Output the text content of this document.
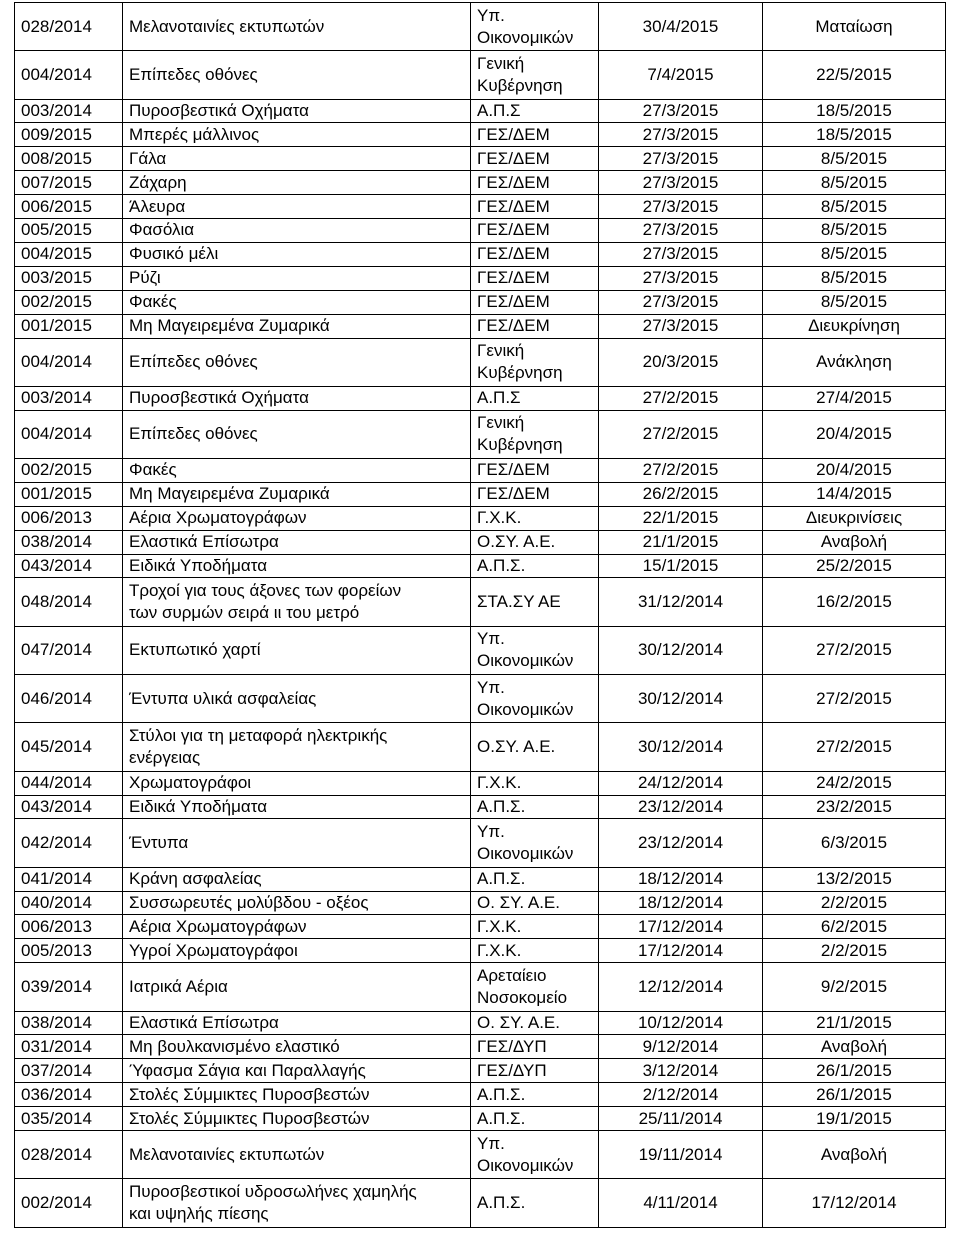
028/2014	Μελανοταινίες εκτυπωτών	Υπ.
Οικονομικών	30/4/2015	Ματαίωση
004/2014	Επίπεδες οθόνες	Γενική
Κυβέρνηση	7/4/2015	22/5/2015
003/2014	Πυροσβεστικά Οχήματα	Α.Π.Σ	27/3/2015	18/5/2015
009/2015	Μπερές μάλλινος	ΓΕΣ/ΔΕΜ	27/3/2015	18/5/2015
008/2015	Γάλα	ΓΕΣ/ΔΕΜ	27/3/2015	8/5/2015
007/2015	Ζάχαρη	ΓΕΣ/ΔΕΜ	27/3/2015	8/5/2015
006/2015	Άλευρα	ΓΕΣ/ΔΕΜ	27/3/2015	8/5/2015
005/2015	Φασόλια	ΓΕΣ/ΔΕΜ	27/3/2015	8/5/2015
004/2015	Φυσικό μέλι	ΓΕΣ/ΔΕΜ	27/3/2015	8/5/2015
003/2015	Ρύζι	ΓΕΣ/ΔΕΜ	27/3/2015	8/5/2015
002/2015	Φακές	ΓΕΣ/ΔΕΜ	27/3/2015	8/5/2015
001/2015	Μη Μαγειρεμένα Ζυμαρικά	ΓΕΣ/ΔΕΜ	27/3/2015	Διευκρίνηση
004/2014	Επίπεδες οθόνες	Γενική
Κυβέρνηση	20/3/2015	Ανάκληση
003/2014	Πυροσβεστικά Οχήματα	Α.Π.Σ	27/2/2015	27/4/2015
004/2014	Επίπεδες οθόνες	Γενική
Κυβέρνηση	27/2/2015	20/4/2015
002/2015	Φακές	ΓΕΣ/ΔΕΜ	27/2/2015	20/4/2015
001/2015	Μη Μαγειρεμένα Ζυμαρικά	ΓΕΣ/ΔΕΜ	26/2/2015	14/4/2015
006/2013	Αέρια Χρωματογράφων	Γ.Χ.Κ.	22/1/2015	Διευκρινίσεις
038/2014	Ελαστικά Επίσωτρα	Ο.ΣΥ. Α.Ε.	21/1/2015	Αναβολή
043/2014	Ειδικά Υποδήματα	Α.Π.Σ.	15/1/2015	25/2/2015
048/2014	Τροχοί για τους άξονες των φορείων
των συρμών σειρά ιι του μετρό	ΣΤΑ.ΣΥ ΑΕ	31/12/2014	16/2/2015
047/2014	Εκτυπωτικό χαρτί	Υπ.
Οικονομικών	30/12/2014	27/2/2015
046/2014	Έντυπα υλικά ασφαλείας	Υπ.
Οικονομικών	30/12/2014	27/2/2015
045/2014	Στύλοι για τη μεταφορά ηλεκτρικής
ενέργειας	Ο.ΣΥ. Α.Ε.	30/12/2014	27/2/2015
044/2014	Χρωματογράφοι	Γ.Χ.Κ.	24/12/2014	24/2/2015
043/2014	Ειδικά Υποδήματα	Α.Π.Σ.	23/12/2014	23/2/2015
042/2014	Έντυπα	Υπ.
Οικονομικών	23/12/2014	6/3/2015
041/2014	Κράνη ασφαλείας	Α.Π.Σ.	18/12/2014	13/2/2015
040/2014	Συσσωρευτές μολύβδου - οξέος	Ο. ΣΥ. Α.Ε.	18/12/2014	2/2/2015
006/2013	Αέρια Χρωματογράφων	Γ.Χ.Κ.	17/12/2014	6/2/2015
005/2013	Υγροί Χρωματογράφοι	Γ.Χ.Κ.	17/12/2014	2/2/2015
039/2014	Ιατρικά Αέρια	Αρεταίειο
Νοσοκομείο	12/12/2014	9/2/2015
038/2014	Ελαστικά Επίσωτρα	Ο. ΣΥ. Α.Ε.	10/12/2014	21/1/2015
031/2014	Μη βουλκανισμένο ελαστικό	ΓΕΣ/ΔΥΠ	9/12/2014	Αναβολή
037/2014	Ύφασμα Σάγια και Παραλλαγής	ΓΕΣ/ΔΥΠ	3/12/2014	26/1/2015
036/2014	Στολές Σύμμικτες Πυροσβεστών	Α.Π.Σ.	2/12/2014	26/1/2015
035/2014	Στολές Σύμμικτες Πυροσβεστών	Α.Π.Σ.	25/11/2014	19/1/2015
028/2014	Μελανοταινίες εκτυπωτών	Υπ.
Οικονομικών	19/11/2014	Αναβολή
002/2014	Πυροσβεστικοί υδροσωλήνες χαμηλής
και υψηλής πίεσης	Α.Π.Σ.	4/11/2014	17/12/2014
